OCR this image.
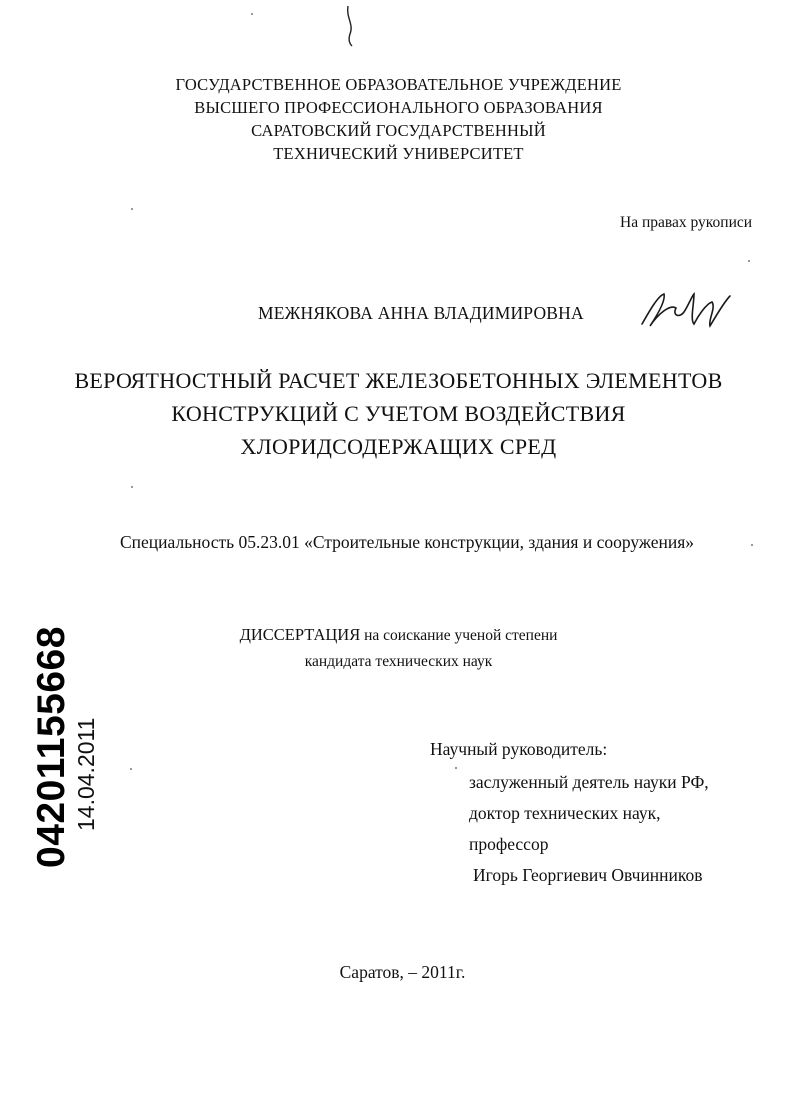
ГОСУДАРСТВЕННОЕ ОБРАЗОВАТЕЛЬНОЕ УЧРЕЖДЕНИЕ

ВЫСШЕГО ПРОФЕССИОНАЛЬНОГО ОБРАЗОВАНИЯ

САРАТОВСКИЙ ГОСУДАРСТВЕННЫЙ

ТЕХНИЧЕСКИЙ УНИВЕРСИТЕТ

На правах рукописи
МЕЖНЯКОВА АННА ВЛАДИМИРОВНА

ВЕРОЯТНОСТНЫЙ РАСЧЕТ ЖЕЛЕЗОБЕТОННЫХ ЭЛЕМЕНТОВ

КОНСТРУКЦИЙ С УЧЕТОМ ВОЗДЕЙСТВИЯ

ХЛОРИДСОДЕРЖАЩИХ СРЕД

Специальность 05.23.01 «Строительные конструкции, здания и сооружения»

ДИССЕРТАЦИЯ на соискание ученой степени

кандидата технических наук

Научный руководитель:
заслуженный деятель науки РФ,
доктор технических наук,
профессор
Игорь Георгиевич Овчинников
Саратов, – 2011г.
04201155668 14.04.2011
